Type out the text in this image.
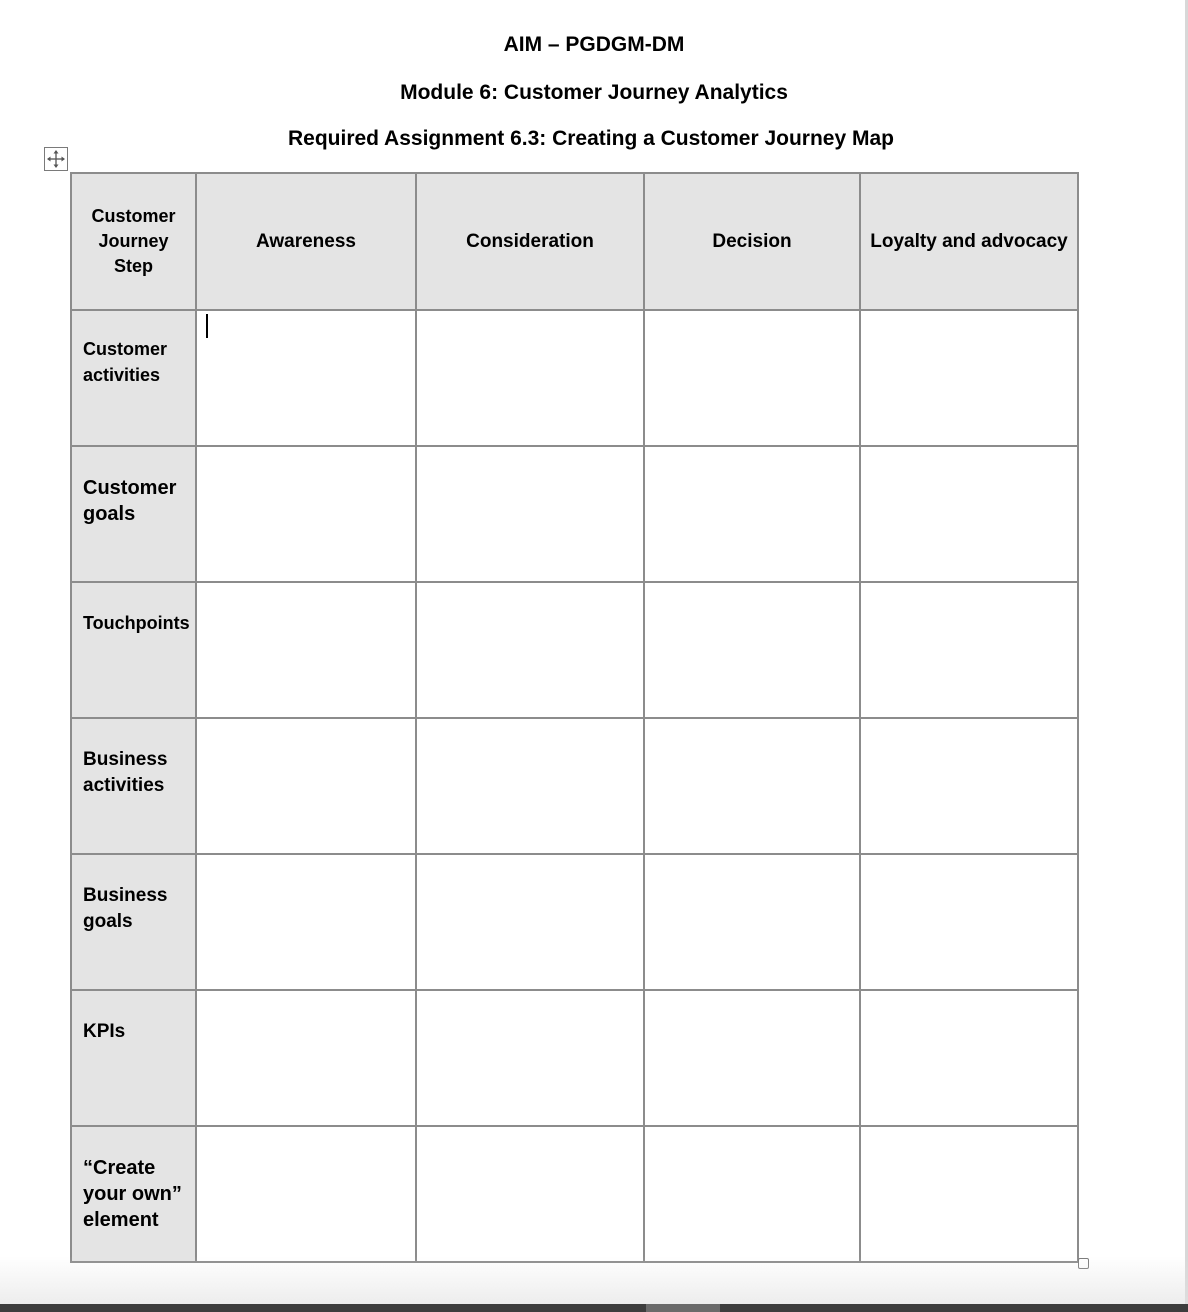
AIM – PGDGM-DM
Module 6: Customer Journey Analytics
Required Assignment 6.3: Creating a Customer Journey Map
Customer Journey Step	Awareness	Consideration	Decision	Loyalty and advocacy

Customer activities				

Customer goals				

Touchpoints				

Business activities				

Business goals				

KPIs				

“Create your own” element				
